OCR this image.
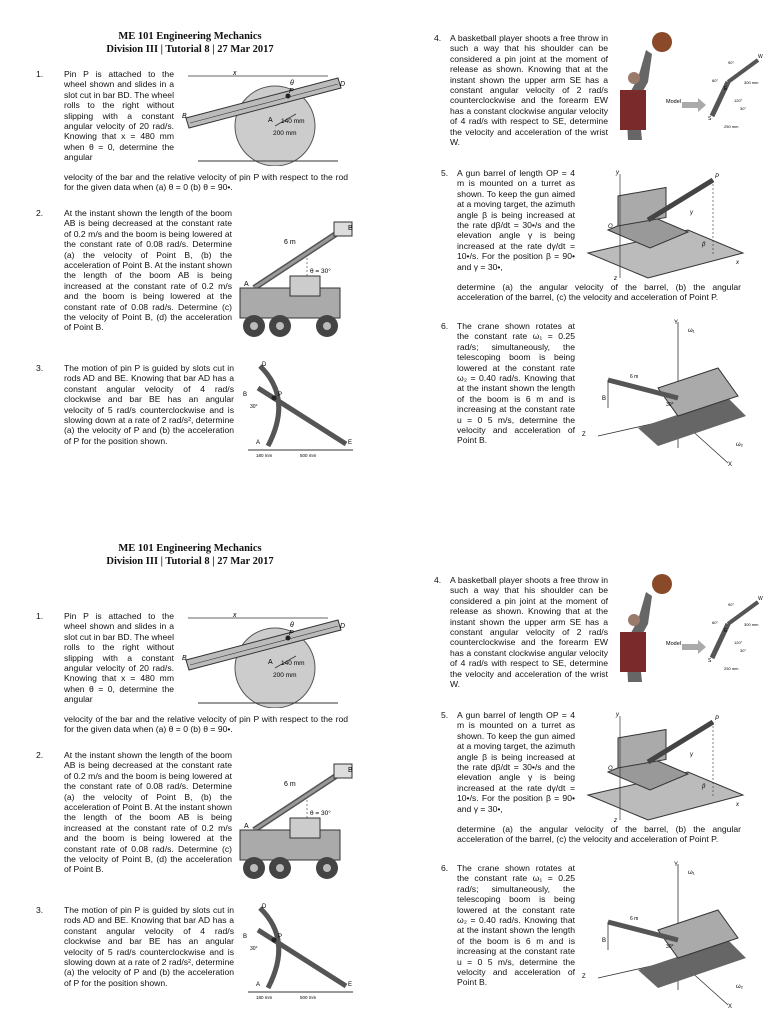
ME 101 Engineering Mechanics
Division III | Tutorial 8 | 27 Mar 2017
1. Pin P is attached to the wheel shown and slides in a slot cut in bar BD. The wheel rolls to the right without slipping with a constant angular velocity of 20 rad/s. Knowing that x = 480 mm when θ = 0, determine the angular
velocity of the bar and the relative velocity of pin P with respect to the rod for the given data when (a) θ = 0 (b) θ = 90•.
x
θ	D
P
B
A 140 mm
200 mm
2. At the instant shown the length of the boom AB is being decreased at the constant rate of 0.2 m/s and the boom is being lowered at the constant rate of 0.08 rad/s. Determine (a) the velocity of Point B, (b) the acceleration of Point B. At the instant shown the length of the boom AB is being increased at the constant rate of 0.2 m/s and the boom is being lowered at the constant rate of 0.08 rad/s. Determine (c) the velocity of Point B, (d) the acceleration of Point B.
6 m
θ = 30°
A
B
3. The motion of pin P is guided by slots cut in rods AD and BE. Knowing that bar AD has a constant angular velocity of 4 rad/s clockwise and bar BE has an angular velocity of 5 rad/s counterclockwise and is slowing down at a rate of 2 rad/s², determine (a) the velocity of P and (b) the acceleration of P for the position shown.
D
P
A
B
E
30°
180 mm	500 mm
4. A basketball player shoots a free throw in such a way that his shoulder can be considered a pin joint at the moment of release as shown. Knowing that at the instant shown the upper arm SE has a constant angular velocity of 2 rad/s counterclockwise and the forearm EW has a constant clockwise angular velocity of 4 rad/s with respect to SE, determine the velocity and acceleration of the wrist W.
Model
S
E
W
300 mm
250 mm
90°
60°
120°
30°
5. A gun barrel of length OP = 4 m is mounted on a turret as shown. To keep the gun aimed at a moving target, the azimuth angle β is being increased at the rate dβ/dt = 30•/s and the elevation angle γ is being increased at the rate dγ/dt = 10•/s. For the position β = 90• and γ = 30•,
determine (a) the angular velocity of the barrel, (b) the angular acceleration of the barrel, (c) the velocity and acceleration of Point P.
y
P
O
x
z
β
γ
6. The crane shown rotates at the constant rate ω₁ = 0.25 rad/s; simultaneously, the telescoping boom is being lowered at the constant rate ω₂ = 0.40 rad/s. Knowing that at the instant shown the length of the boom is 6 m and is increasing at the constant rate u = 0 5 m/s, determine the velocity and acceleration of Point B.
Y
ω₁
ω₂
B
30°
Z
X
6 m
ME 101 Engineering Mechanics
Division III | Tutorial 8 | 27 Mar 2017
1. Pin P is attached to the wheel shown and slides in a slot cut in bar BD. The wheel rolls to the right without slipping with a constant angular velocity of 20 rad/s. Knowing that x = 480 mm when θ = 0, determine the angular
velocity of the bar and the relative velocity of pin P with respect to the rod for the given data when (a) θ = 0 (b) θ = 90•.
x
θ	D
P
B
A 140 mm
200 mm
2. At the instant shown the length of the boom AB is being decreased at the constant rate of 0.2 m/s and the boom is being lowered at the constant rate of 0.08 rad/s. Determine (a) the velocity of Point B, (b) the acceleration of Point B. At the instant shown the length of the boom AB is being increased at the constant rate of 0.2 m/s and the boom is being lowered at the constant rate of 0.08 rad/s. Determine (c) the velocity of Point B, (d) the acceleration of Point B.
6 m
θ = 30°
A
B
3. The motion of pin P is guided by slots cut in rods AD and BE. Knowing that bar AD has a constant angular velocity of 4 rad/s clockwise and bar BE has an angular velocity of 5 rad/s counterclockwise and is slowing down at a rate of 2 rad/s², determine (a) the velocity of P and (b) the acceleration of P for the position shown.
D
P
A
B
E
30°
180 mm	500 mm
4. A basketball player shoots a free throw in such a way that his shoulder can be considered a pin joint at the moment of release as shown. Knowing that at the instant shown the upper arm SE has a constant angular velocity of 2 rad/s counterclockwise and the forearm EW has a constant clockwise angular velocity of 4 rad/s with respect to SE, determine the velocity and acceleration of the wrist W.
Model
S
E
W
300 mm
250 mm
90°
60°
120°
30°
5. A gun barrel of length OP = 4 m is mounted on a turret as shown. To keep the gun aimed at a moving target, the azimuth angle β is being increased at the rate dβ/dt = 30•/s and the elevation angle γ is being increased at the rate dγ/dt = 10•/s. For the position β = 90• and γ = 30•,
determine (a) the angular velocity of the barrel, (b) the angular acceleration of the barrel, (c) the velocity and acceleration of Point P.
y
P
O
x
z
β
γ
6. The crane shown rotates at the constant rate ω₁ = 0.25 rad/s; simultaneously, the telescoping boom is being lowered at the constant rate ω₂ = 0.40 rad/s. Knowing that at the instant shown the length of the boom is 6 m and is increasing at the constant rate u = 0 5 m/s, determine the velocity and acceleration of Point B.
Y
ω₁
ω₂
B
30°
Z
X
6 m
